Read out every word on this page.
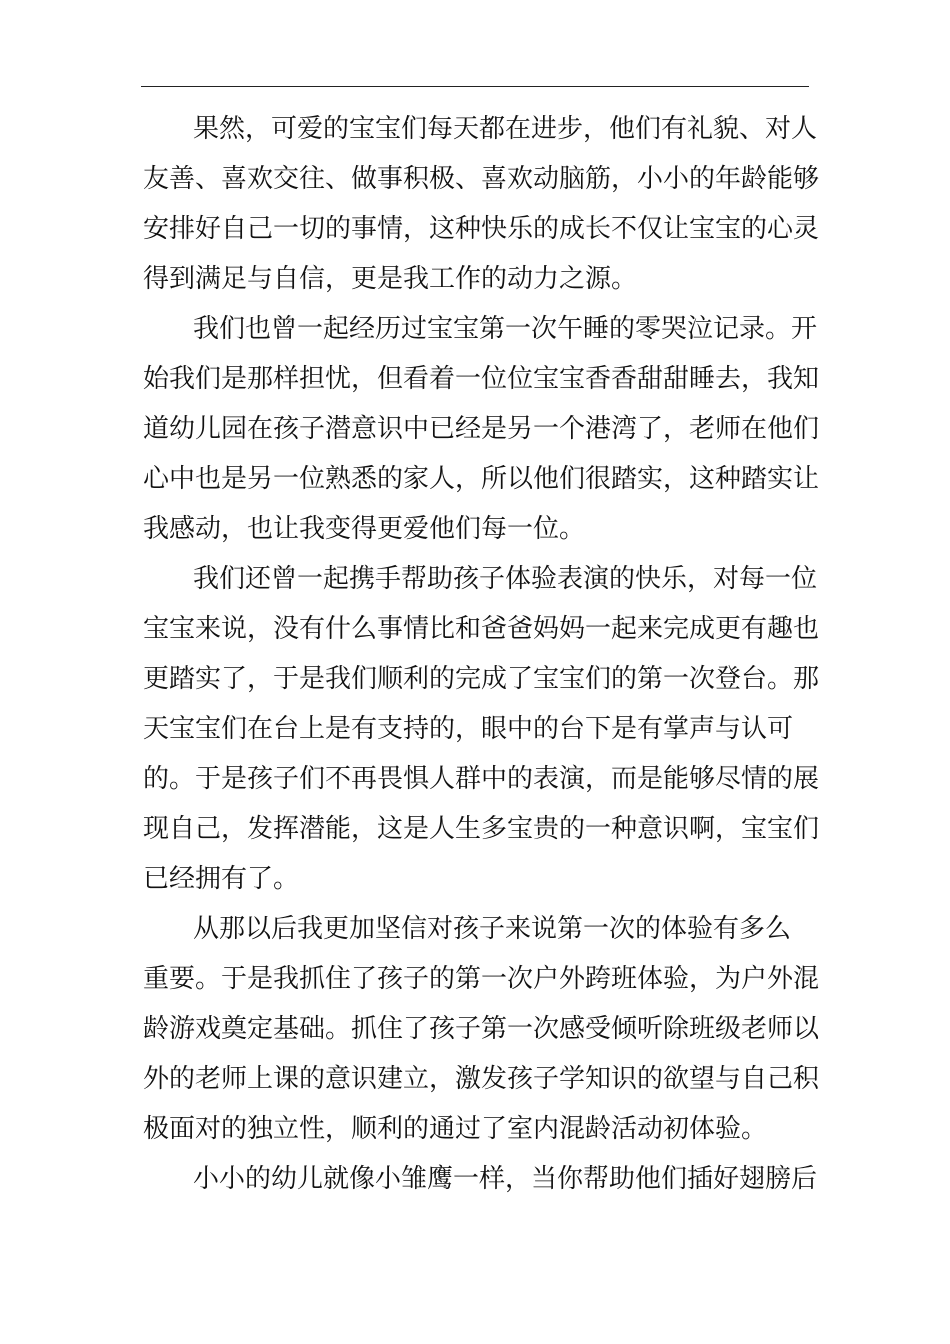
果然，可爱的宝宝们每天都在进步，他们有礼貌、对人
友善、喜欢交往、做事积极、喜欢动脑筋，小小的年龄能够
安排好自己一切的事情，这种快乐的成长不仅让宝宝的心灵
得到满足与自信，更是我工作的动力之源。
我们也曾一起经历过宝宝第一次午睡的零哭泣记录。开
始我们是那样担忧，但看着一位位宝宝香香甜甜睡去，我知
道幼儿园在孩子潜意识中已经是另一个港湾了，老师在他们
心中也是另一位熟悉的家人，所以他们很踏实，这种踏实让
我感动，也让我变得更爱他们每一位。
我们还曾一起携手帮助孩子体验表演的快乐，对每一位
宝宝来说，没有什么事情比和爸爸妈妈一起来完成更有趣也
更踏实了，于是我们顺利的完成了宝宝们的第一次登台。那
天宝宝们在台上是有支持的，眼中的台下是有掌声与认可
的。于是孩子们不再畏惧人群中的表演，而是能够尽情的展
现自己，发挥潜能，这是人生多宝贵的一种意识啊，宝宝们
已经拥有了。
从那以后我更加坚信对孩子来说第一次的体验有多么
重要。于是我抓住了孩子的第一次户外跨班体验，为户外混
龄游戏奠定基础。抓住了孩子第一次感受倾听除班级老师以
外的老师上课的意识建立，激发孩子学知识的欲望与自己积
极面对的独立性，顺利的通过了室内混龄活动初体验。
小小的幼儿就像小雏鹰一样，当你帮助他们插好翅膀后
